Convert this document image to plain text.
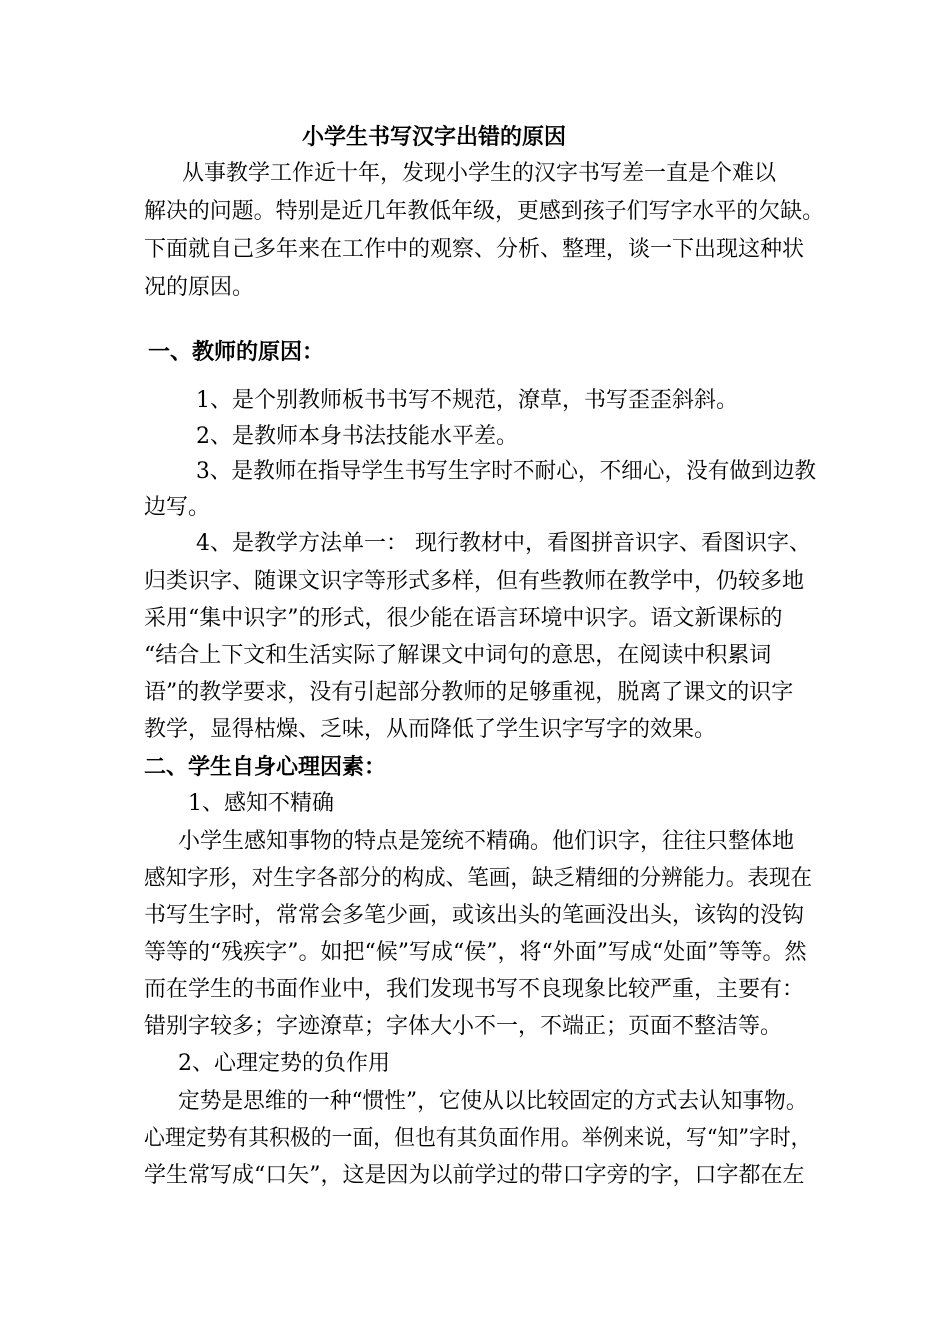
小学生书写汉字出错的原因
从事教学工作近十年，发现小学生的汉字书写差一直是个难以
解决的问题。特别是近几年教低年级，更感到孩子们写字水平的欠缺。
下面就自己多年来在工作中的观察、分析、整理，谈一下出现这种状
况的原因。
一、教师的原因：
1、是个别教师板书书写不规范，潦草，书写歪歪斜斜。
2、是教师本身书法技能水平差。
3、是教师在指导学生书写生字时不耐心，不细心，没有做到边教
边写。
4、是教学方法单一： 现行教材中，看图拼音识字、看图识字、
归类识字、随课文识字等形式多样，但有些教师在教学中，仍较多地
采用“集中识字”的形式，很少能在语言环境中识字。语文新课标的
“结合上下文和生活实际了解课文中词句的意思，在阅读中积累词
语”的教学要求，没有引起部分教师的足够重视，脱离了课文的识字
教学，显得枯燥、乏味，从而降低了学生识字写字的效果。
二、学生自身心理因素：
1、感知不精确
小学生感知事物的特点是笼统不精确。他们识字，往往只整体地
感知字形，对生字各部分的构成、笔画，缺乏精细的分辨能力。表现在
书写生字时，常常会多笔少画，或该出头的笔画没出头，该钩的没钩
等等的“残疾字”。如把“候”写成“侯”，将“外面”写成“处面”等等。然
而在学生的书面作业中，我们发现书写不良现象比较严重，主要有：
错别字较多；字迹潦草；字体大小不一，不端正；页面不整洁等。
2、心理定势的负作用
定势是思维的一种“惯性”，它使从以比较固定的方式去认知事物。
心理定势有其积极的一面，但也有其负面作用。举例来说，写“知”字时，
学生常写成“口矢”，这是因为以前学过的带口字旁的字，口字都在左
